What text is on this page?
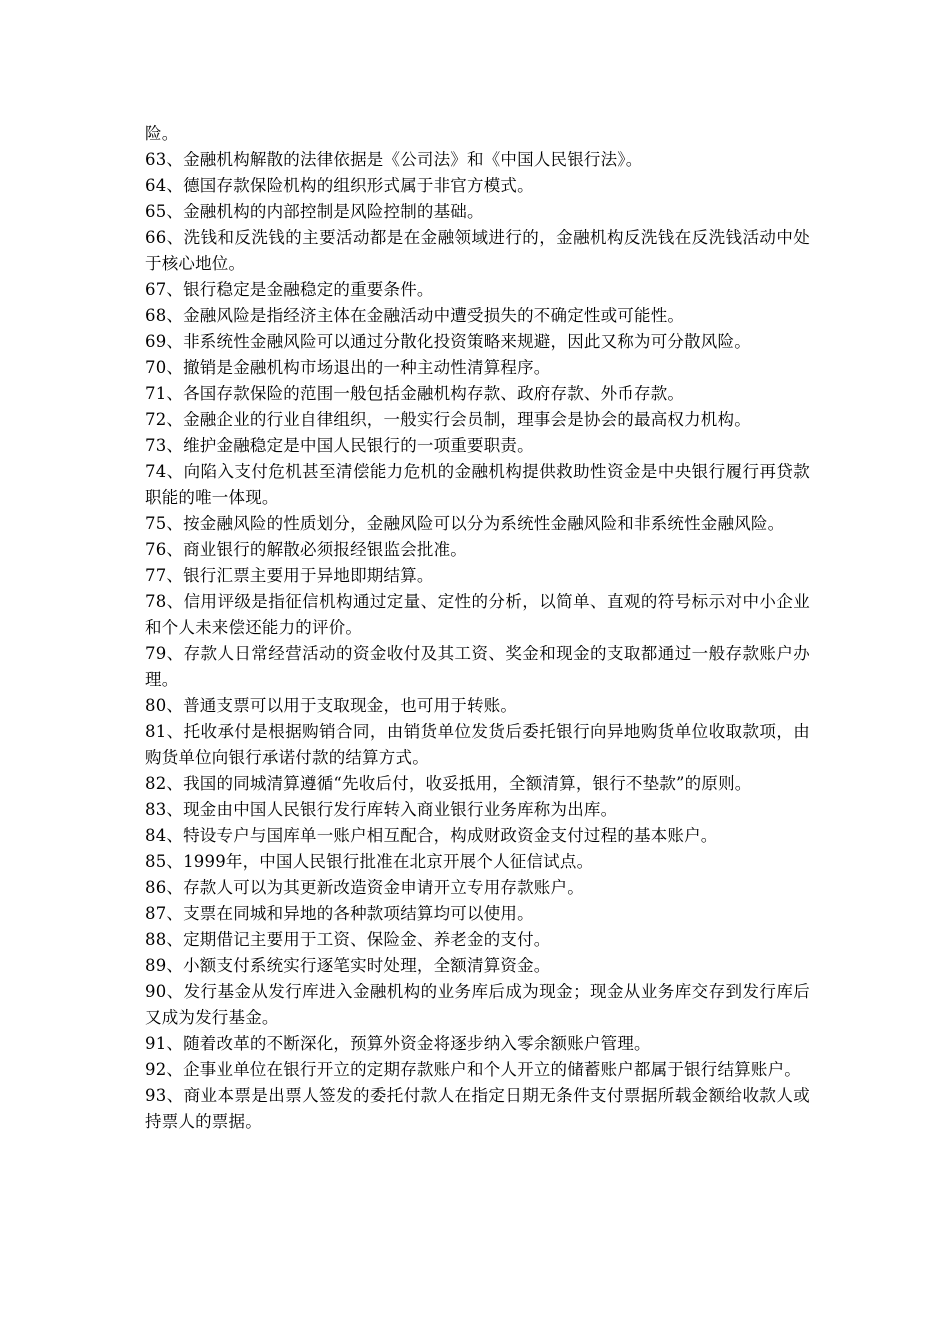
险。

63、金融机构解散的法律依据是《公司法》和《中国人民银行法》。

64、德国存款保险机构的组织形式属于非官方模式。

65、金融机构的内部控制是风险控制的基础。

66、洗钱和反洗钱的主要活动都是在金融领域进行的，金融机构反洗钱在反洗钱活动中处于核心地位。

67、银行稳定是金融稳定的重要条件。

68、金融风险是指经济主体在金融活动中遭受损失的不确定性或可能性。

69、非系统性金融风险可以通过分散化投资策略来规避，因此又称为可分散风险。

70、撤销是金融机构市场退出的一种主动性清算程序。

71、各国存款保险的范围一般包括金融机构存款、政府存款、外币存款。

72、金融企业的行业自律组织，一般实行会员制，理事会是协会的最高权力机构。

73、维护金融稳定是中国人民银行的一项重要职责。

74、向陷入支付危机甚至清偿能力危机的金融机构提供救助性资金是中央银行履行再贷款职能的唯一体现。

75、按金融风险的性质划分，金融风险可以分为系统性金融风险和非系统性金融风险。

76、商业银行的解散必须报经银监会批准。

77、银行汇票主要用于异地即期结算。

78、信用评级是指征信机构通过定量、定性的分析，以简单、直观的符号标示对中小企业和个人未来偿还能力的评价。

79、存款人日常经营活动的资金收付及其工资、奖金和现金的支取都通过一般存款账户办理。

80、普通支票可以用于支取现金，也可用于转账。

81、托收承付是根据购销合同，由销货单位发货后委托银行向异地购货单位收取款项，由购货单位向银行承诺付款的结算方式。

82、我国的同城清算遵循“先收后付，收妥抵用，全额清算，银行不垫款”的原则。

83、现金由中国人民银行发行库转入商业银行业务库称为出库。

84、特设专户与国库单一账户相互配合，构成财政资金支付过程的基本账户。

85、1999年，中国人民银行批准在北京开展个人征信试点。

86、存款人可以为其更新改造资金申请开立专用存款账户。

87、支票在同城和异地的各种款项结算均可以使用。

88、定期借记主要用于工资、保险金、养老金的支付。

89、小额支付系统实行逐笔实时处理，全额清算资金。

90、发行基金从发行库进入金融机构的业务库后成为现金；现金从业务库交存到发行库后又成为发行基金。

91、随着改革的不断深化，预算外资金将逐步纳入零余额账户管理。

92、企事业单位在银行开立的定期存款账户和个人开立的储蓄账户都属于银行结算账户。

93、商业本票是出票人签发的委托付款人在指定日期无条件支付票据所载金额给收款人或持票人的票据。
